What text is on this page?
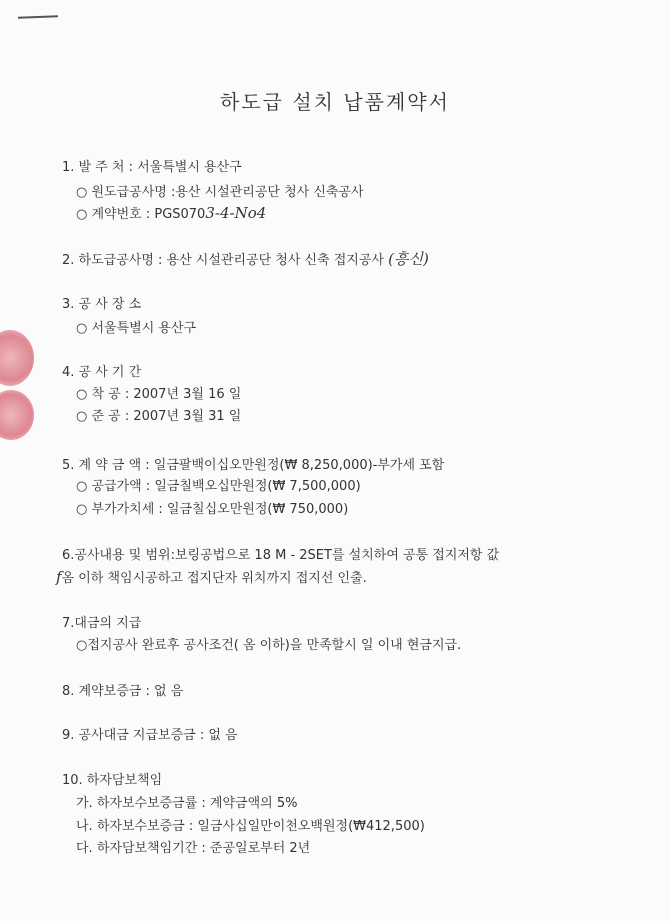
하도급 설치 납품계약서
1. 발 주 처 : 서울특별시 용산구
○ 원도급공사명 :용산 시설관리공단 청사 신축공사
○ 계약번호 : PGS0703-4-No4
2. 하도급공사명 : 용산 시설관리공단 청사 신축 접지공사 (흥신)
3. 공 사 장 소
○ 서울특별시 용산구
4. 공 사 기 간
○ 착 공 : 2007년 3월 16 일
○ 준 공 : 2007년 3월 31 일
5. 계 약 금 액 : 일금팔백이십오만원정(₩ 8,250,000)-부가세 포함
○ 공급가액 : 일금칠백오십만원정(₩ 7,500,000)
○ 부가가치세 : 일금칠십오만원정(₩ 750,000)
6.공사내용 및 범위:보링공법으로 18 M - 2SET를 설치하여 공통 접지저항 값
f옴 이하 책임시공하고 접지단자 위치까지 접지선 인출.
7.대금의 지급
○접지공사 완료후 공사조건( 옴 이하)을 만족할시 일 이내 현금지급.
8. 계약보증금 : 없 음
9. 공사대금 지급보증금 : 없 음
10. 하자담보책임
가. 하자보수보증금률 : 계약금액의 5%
나. 하자보수보증금 : 일금사십일만이천오백원정(₩412,500)
다. 하자담보책임기간 : 준공일로부터 2년
